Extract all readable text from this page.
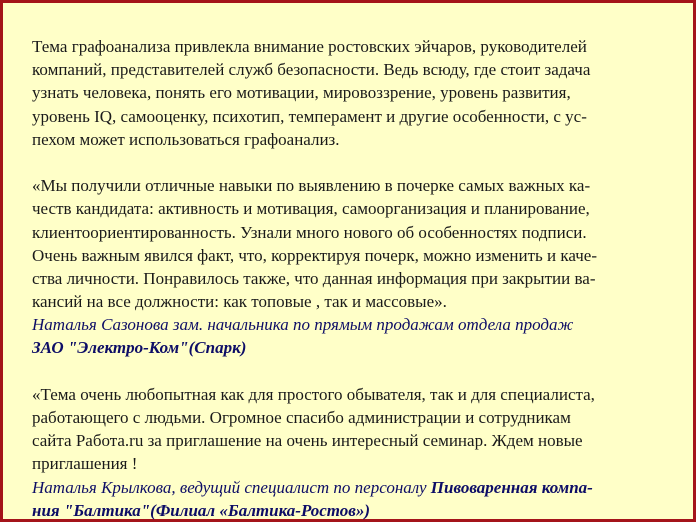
Тема графоанализа привлекла внимание ростовских эйчаров, руководителей
компаний, представителей служб безопасности. Ведь всюду, где стоит задача
узнать человека, понять его мотивации, мировоззрение, уровень развития,
уровень IQ, самооценку, психотип, темперамент и другие особенности, с ус-
пехом может использоваться графоанализ.
«Мы получили отличные навыки по выявлению в почерке самых важных ка-
честв кандидата: активность и мотивация, самоорганизация и планирование,
клиентоориентированность. Узнали много нового об особенностях подписи.
Очень важным явился факт, что, корректируя почерк, можно изменить и каче-
ства личности. Понравилось также, что данная информация при закрытии ва-
кансий на все должности: как топовые , так и массовые».
Наталья Сазонова зам. начальника по прямым продажам отдела продаж
ЗАО "Электро-Ком"(Спарк)
«Тема очень любопытная как для простого обывателя, так и для специалиста,
работающего с людьми. Огромное спасибо администрации и сотрудникам
сайта Работа.ru за приглашение на очень интересный семинар. Ждем новые
приглашения !
Наталья Крылкова, ведущий специалист по персоналу Пивоваренная компа-
ния "Балтика"(Филиал «Балтика-Ростов»)
